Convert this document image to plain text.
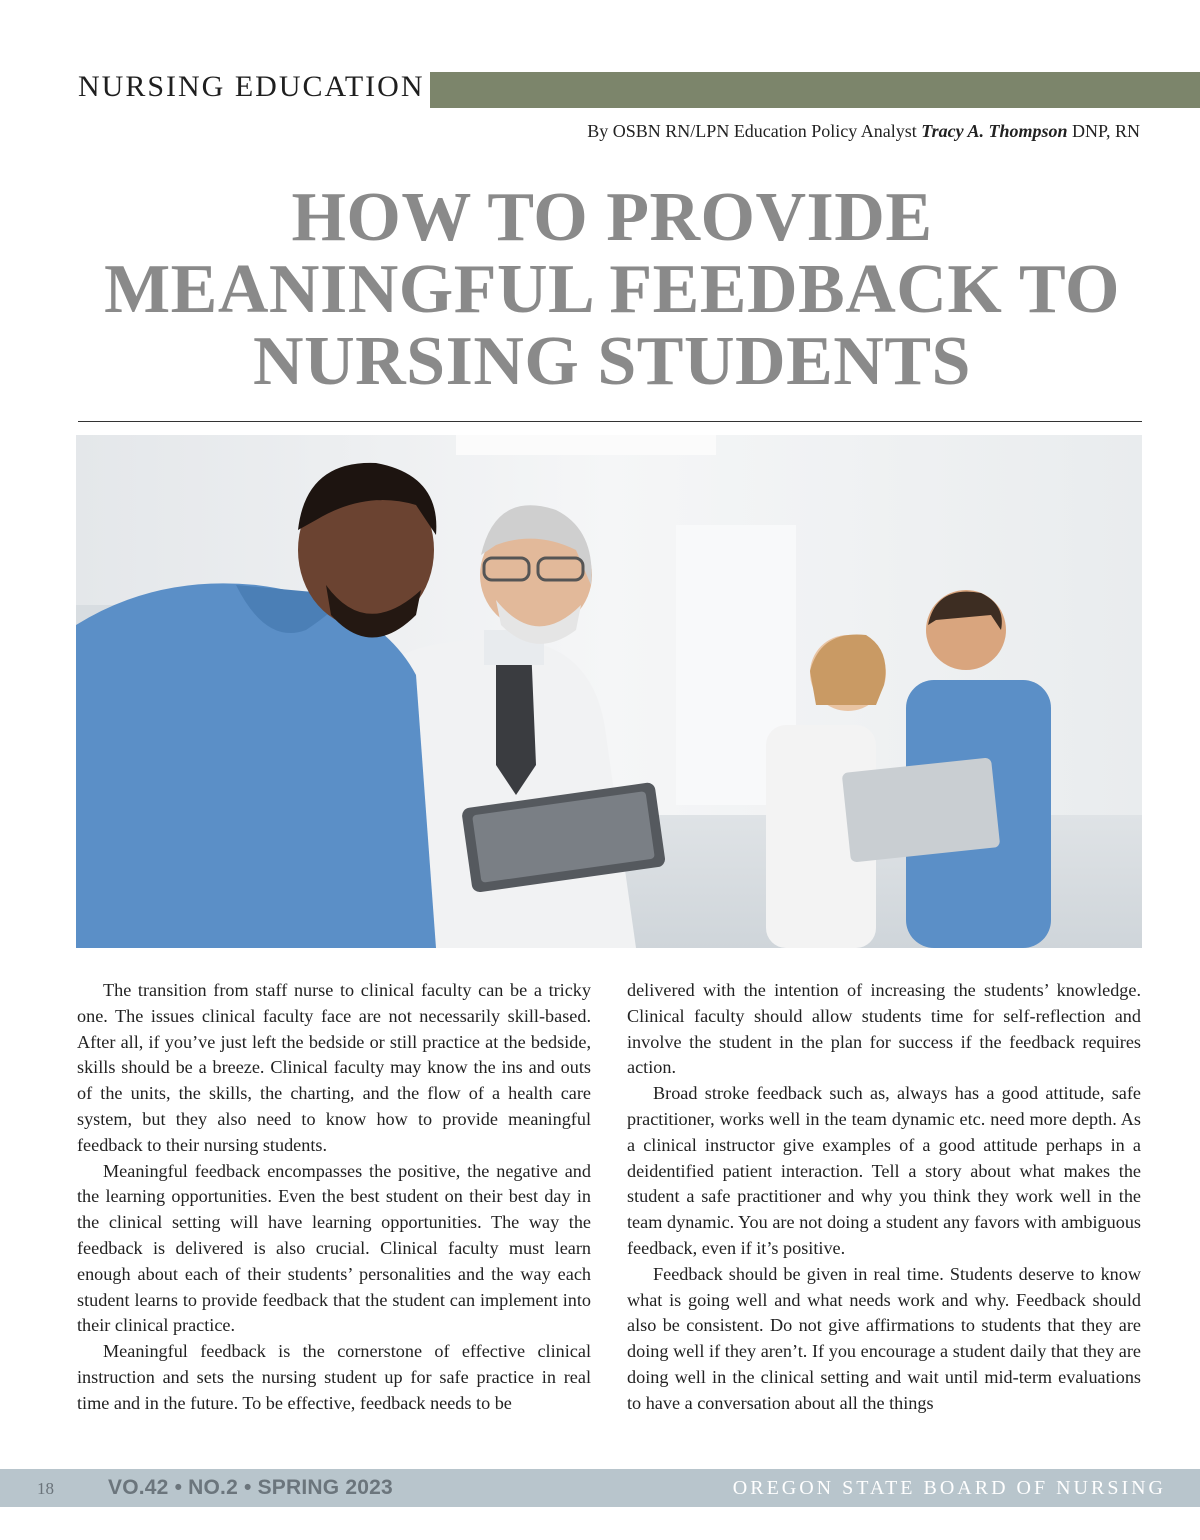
NURSING EDUCATION
By OSBN RN/LPN Education Policy Analyst Tracy A. Thompson DNP, RN
HOW TO PROVIDE
MEANINGFUL FEEDBACK TO
NURSING STUDENTS

The transition from staff nurse to clinical faculty can be a tricky one. The issues clinical faculty face are not necessarily skill-based. After all, if you’ve just left the bedside or still practice at the bedside, skills should be a breeze. Clinical faculty may know the ins and outs of the units, the skills, the charting, and the flow of a health care system, but they also need to know how to provide meaningful feedback to their nursing students.

Meaningful feedback encompasses the positive, the negative and the learning opportunities. Even the best student on their best day in the clinical setting will have learning opportunities. The way the feedback is delivered is also crucial. Clinical faculty must learn enough about each of their students’ personalities and the way each student learns to provide feedback that the student can implement into their clinical practice.

Meaningful feedback is the cornerstone of effective clinical instruction and sets the nursing student up for safe practice in real time and in the future. To be effective, feedback needs to be

delivered with the intention of increasing the students’ knowledge. Clinical faculty should allow students time for self-reflection and involve the student in the plan for success if the feedback requires action.

Broad stroke feedback such as, always has a good attitude, safe practitioner, works well in the team dynamic etc. need more depth. As a clinical instructor give examples of a good attitude perhaps in a deidentified patient interaction. Tell a story about what makes the student a safe practitioner and why you think they work well in the team dynamic. You are not doing a student any favors with ambiguous feedback, even if it’s positive.

Feedback should be given in real time. Students deserve to know what is going well and what needs work and why. Feedback should also be consistent. Do not give affirmations to students that they are doing well if they aren’t. If you encourage a student daily that they are doing well in the clinical setting and wait until mid-term evaluations to have a conversation about all the things

18	VO.42 • NO.2 • SPRING 2023	OREGON STATE BOARD OF NURSING
